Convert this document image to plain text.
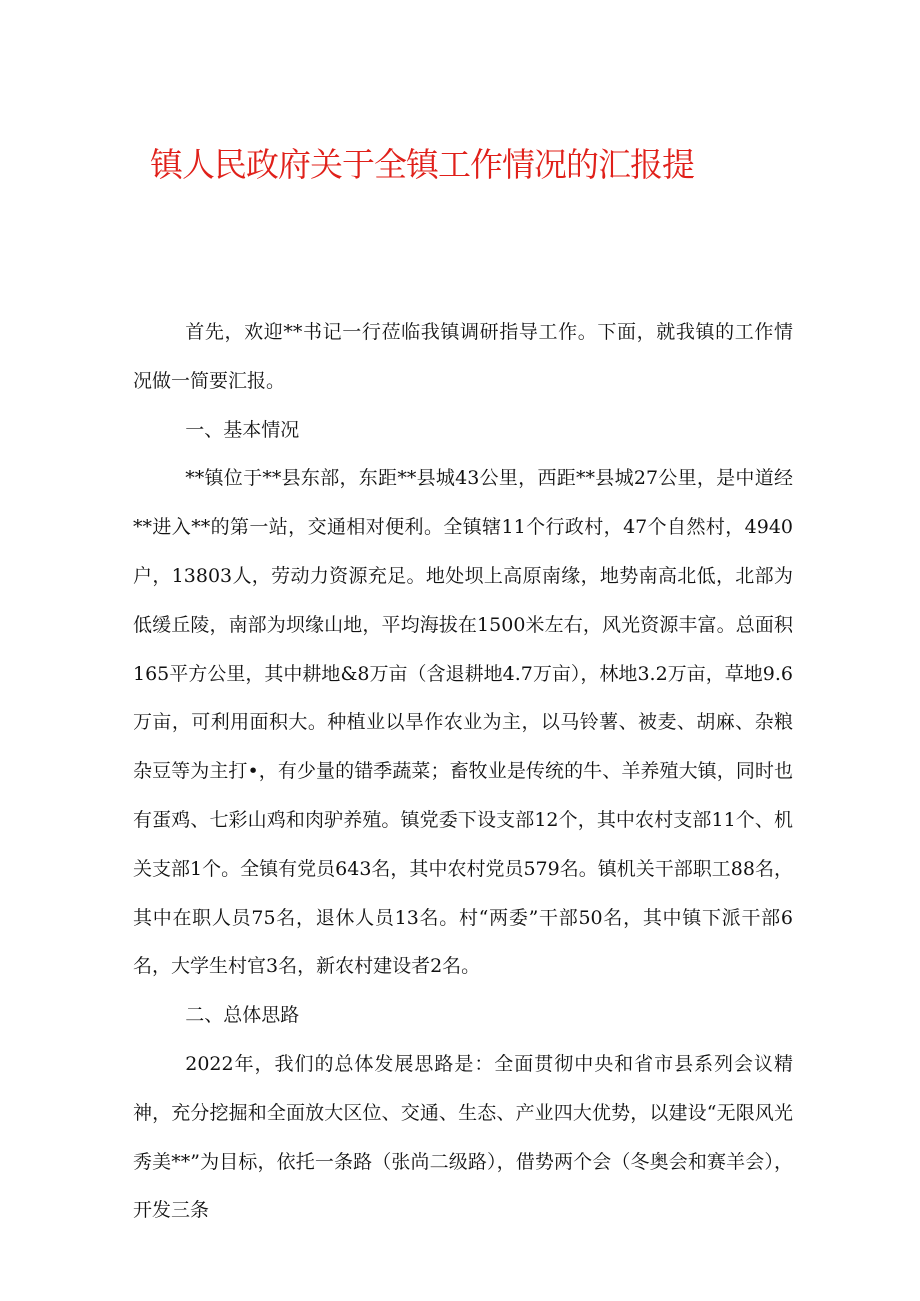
镇人民政府关于全镇工作情况的汇报提

首先，欢迎**书记一行莅临我镇调研指导工作。下面，就我镇的工作情况做一简要汇报。

一、基本情况

**镇位于**县东部，东距**县城43公里，西距**县城27公里，是中道经**进入**的第一站，交通相对便利。全镇辖11个行政村，47个自然村，4940户，13803人，劳动力资源充足。地处坝上高原南缘，地势南高北低，北部为低缓丘陵，南部为坝缘山地，平均海拔在1500米左右，风光资源丰富。总面积165平方公里，其中耕地&8万亩（含退耕地4.7万亩），林地3.2万亩，草地9.6万亩，可利用面积大。种植业以旱作农业为主，以马铃薯、被麦、胡麻、杂粮杂豆等为主打•，有少量的错季蔬菜；畜牧业是传统的牛、羊养殖大镇，同时也有蛋鸡、七彩山鸡和肉驴养殖。镇党委下设支部12个，其中农村支部11个、机关支部1个。全镇有党员643名，其中农村党员579名。镇机关干部职工88名，其中在职人员75名，退休人员13名。村“两委”干部50名，其中镇下派干部6名，大学生村官3名，新农村建设者2名。

二、总体思路

2022年，我们的总体发展思路是：全面贯彻中央和省市县系列会议精神，充分挖掘和全面放大区位、交通、生态、产业四大优势，以建设“无限风光秀美**”为目标，依托一条路（张尚二级路），借势两个会（冬奥会和赛羊会），开发三条
